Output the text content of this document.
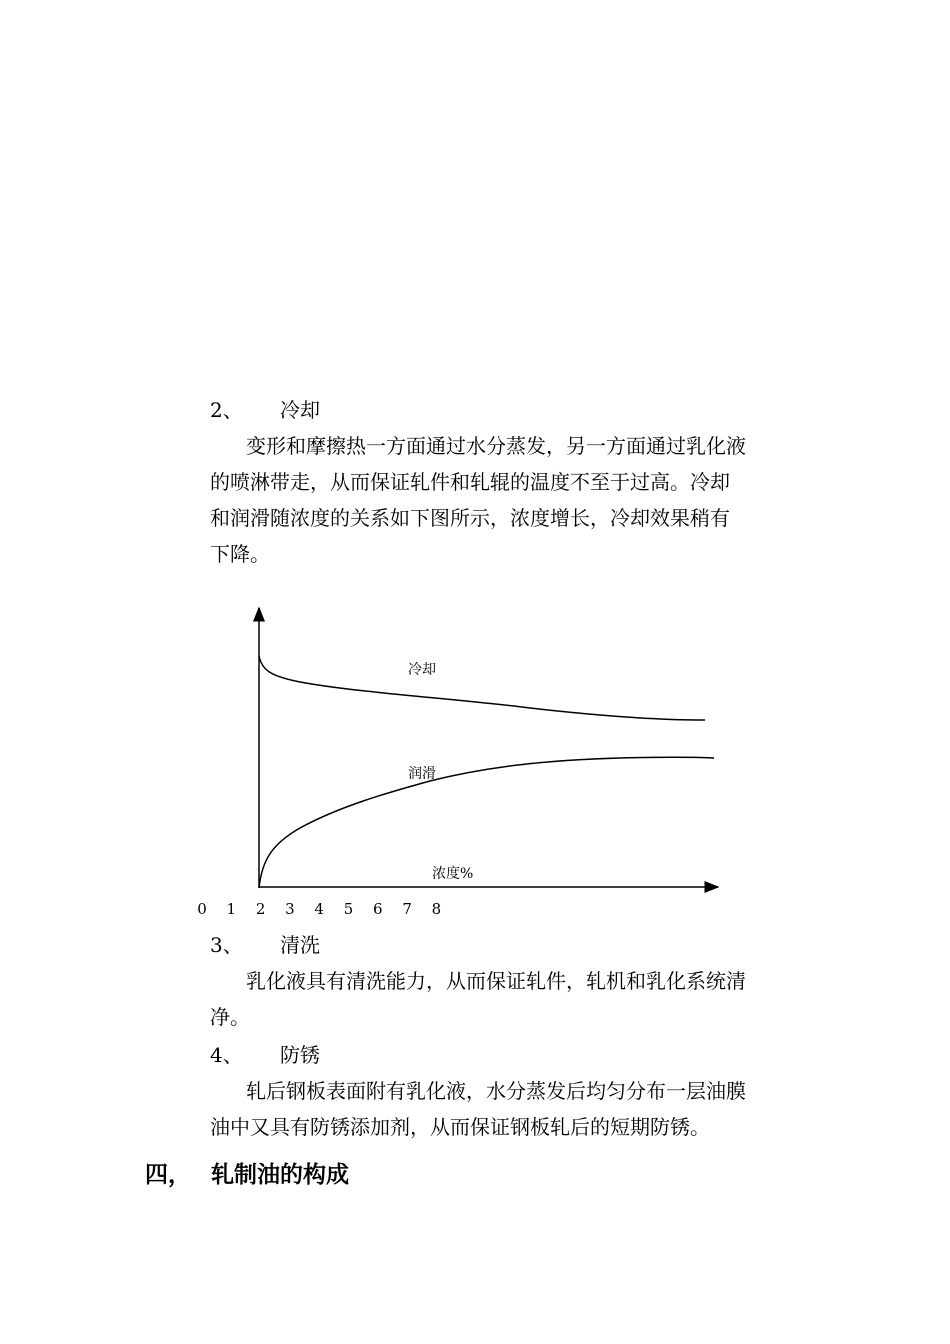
2、 冷却
变形和摩擦热一方面通过水分蒸发，另一方面通过乳化液
的喷淋带走，从而保证轧件和轧辊的温度不至于过高。冷却
和润滑随浓度的关系如下图所示，浓度增长，冷却效果稍有
下降。
冷却
润滑
浓度%
0 1 2 3 4 5 6 7 8
3、 清洗
乳化液具有清洗能力，从而保证轧件，轧机和乳化系统清
净。
4、 防锈
轧后钢板表面附有乳化液，水分蒸发后均匀分布一层油膜
油中又具有防锈添加剂，从而保证钢板轧后的短期防锈。
四， 轧制油的构成
